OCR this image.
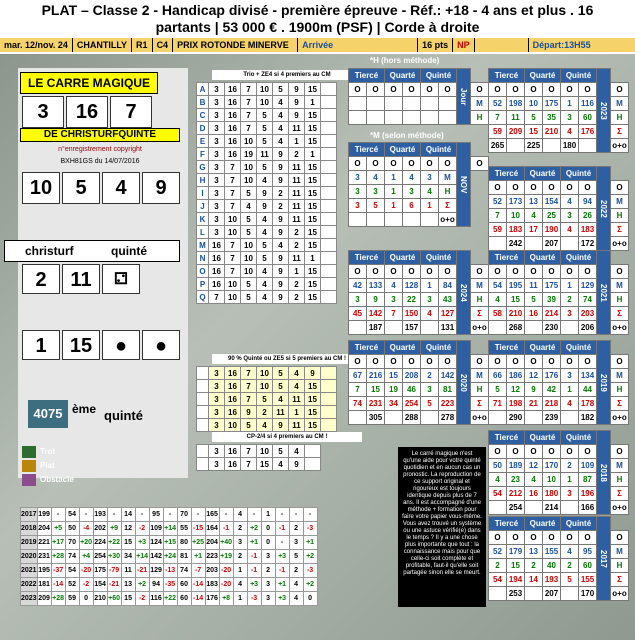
PLAT – Classe 2 - Handicap divisé - première épreuve - Réf.: +18 - 4 ans et plus . 16
partants | 53 000 € . 1900m (PSF) | Corde à droite
mar. 12/nov. 24	CHANTILLY	R1	C4	PRIX ROTONDE MINERVE	Arrivée	16 pts	NP	Départ:13H55
LE CARRE MAGIQUE
3	16	7
DE CHRISTURFQUINTE
n°enregistrement copyright
BXH81GS du 14/07/2016
10	5	4	9
christurf	quinté
2	11	⚁
1	15	●	●
4075 ème quinté
Trot
Plat
Obstacle
Trio + ZE4 si 4 premiers au CM
A	3	16	7	10	5	9	15	
B	3	16	7	10	4	9	1	
C	3	16	7	5	4	9	15	
D	3	16	7	5	4	11	15	
E	3	16	10	5	4	1	15	
F	3	16	19	11	9	2	1	
G	3	7	10	5	9	11	15	
H	3	7	10	4	9	11	15	
I	3	7	5	9	2	11	15	
J	3	7	4	9	2	11	15	
K	3	10	5	4	9	11	15	
L	3	10	5	4	9	2	15	
M	16	7	10	5	4	2	15	
N	16	7	10	5	9	11	1	
O	16	7	10	4	9	1	15	
P	16	10	5	4	9	2	15	
Q	7	10	5	4	9	2	15	
90 % Quinté ou ZE5 si 5 premiers au CM !
	3	16	7	10	5	4	9	
	3	16	7	10	5	4	15	
	3	16	7	5	4	11	15	
	3	16	9	2	11	1	15	
	3	10	5	4	9	11	15	
CP-2/4 si 4 premiers au CM !
	3	16	7	10	5	4	
	3	16	7	15	4	9	
*H (hors méthode)
*M (selon méthode)
Tiercé		Quarté		Quinté		Jour	
O	O	O	O	O	O		O
							M
							H
Tiercé		Quarté		Quinté		NOV	
O	O	O	O	O	O		O
3	4	1	4	3	M		
3	3	1	3	4	H		
3	5	1	6	1	Σ		
					o+o		
Tiercé		Quarté		Quinté		2024	
O	O	O	O	O	O		O
42	133	4	128	1	84		M
3	9	3	22	3	43		H
45	142	7	150	4	127		Σ
	187		157		131		o+o
Tiercé		Quarté		Quinté		2020	
O	O	O	O	O	O		O
67	216	15	208	2	142		M
7	15	19	46	3	81		H
74	231	34	254	5	223		Σ
	305		288		278		o+o
Tiercé		Quarté		Quinté		2023	
O	O	O	O	O	O		O
52	198	10	175	1	116		M
7	11	5	35	3	60		H
59	209	15	210	4	176		Σ
265		225		180			o+o
Tiercé		Quarté		Quinté		2022	
O	O	O	O	O	O		O
52	173	13	154	4	94		M
7	10	4	25	3	26		H
59	183	17	190	4	183		Σ
	242		207		172		o+o
Tiercé		Quarté		Quinté		2021	
O	O	O	O	O	O		O
54	195	11	175	1	129		M
4	15	5	39	2	74		H
58	210	16	214	3	203		Σ
	268		230		206		o+o
Tiercé		Quarté		Quinté		2019	
O	O	O	O	O	O		O
66	186	12	176	3	134		M
5	12	9	42	1	44		H
71	198	21	218	4	178		Σ
	290		239		182		o+o
Tiercé		Quarté		Quinté		2018	
O	O	O	O	O	O		O
50	189	12	170	2	109		M
4	23	4	10	1	87		H
54	212	16	180	3	196		Σ
	254		214		166		o+o
Tiercé		Quarté		Quinté		2017	
O	O	O	O	O	O		O
52	179	13	155	4	95		M
2	15	2	40	2	60		H
54	194	14	193	5	155		Σ
	253		207		170		o+o
Le carré magique n'est qu'une aide pour votre quinté quotidien et en aucun cas un pronostic. La reproduction de ce support original et rigoureux est toujours identique depuis plus de 7 ans. Il est accompagné d'une méthode + formation pour faire votre papier vous-même. Vous avez trouvé un système ou une astuce vérifié(e) dans le temps ? Il y a une chose plus importante que tout : la connaissance mais pour que celle-ci soit complète et profitable, faut-il qu'elle soit partagée sinon elle se meurt.
2017	199	-	54	-	193	-	14	-	95	-	70	-	165	-	4	-	1	-	-	-
2018	204	+5	50	-4	202	+9	12	-2	109	+14	55	-15	164	-1	2	+2	0	-1	2	-3
2019	221	+17	70	+20	224	+22	15	+3	124	+15	80	+25	204	+40	3	+1	0	-	3	+1
2020	231	+28	74	+4	254	+30	34	+14	142	+24	81	+1	223	+19	2	-1	3	+3	5	+2
2021	195	-37	54	-20	175	-79	11	-21	129	-13	74	-7	203	-20	1	-1	2	-1	2	-3
2022	181	-14	52	-2	154	-21	13	+2	94	-35	60	-14	183	-20	4	+3	3	+1	4	+2
2023	209	+28	59	0	210	+60	15	-2	116	+22	60	-14	176	+8	1	-3	3	+3	4	0
